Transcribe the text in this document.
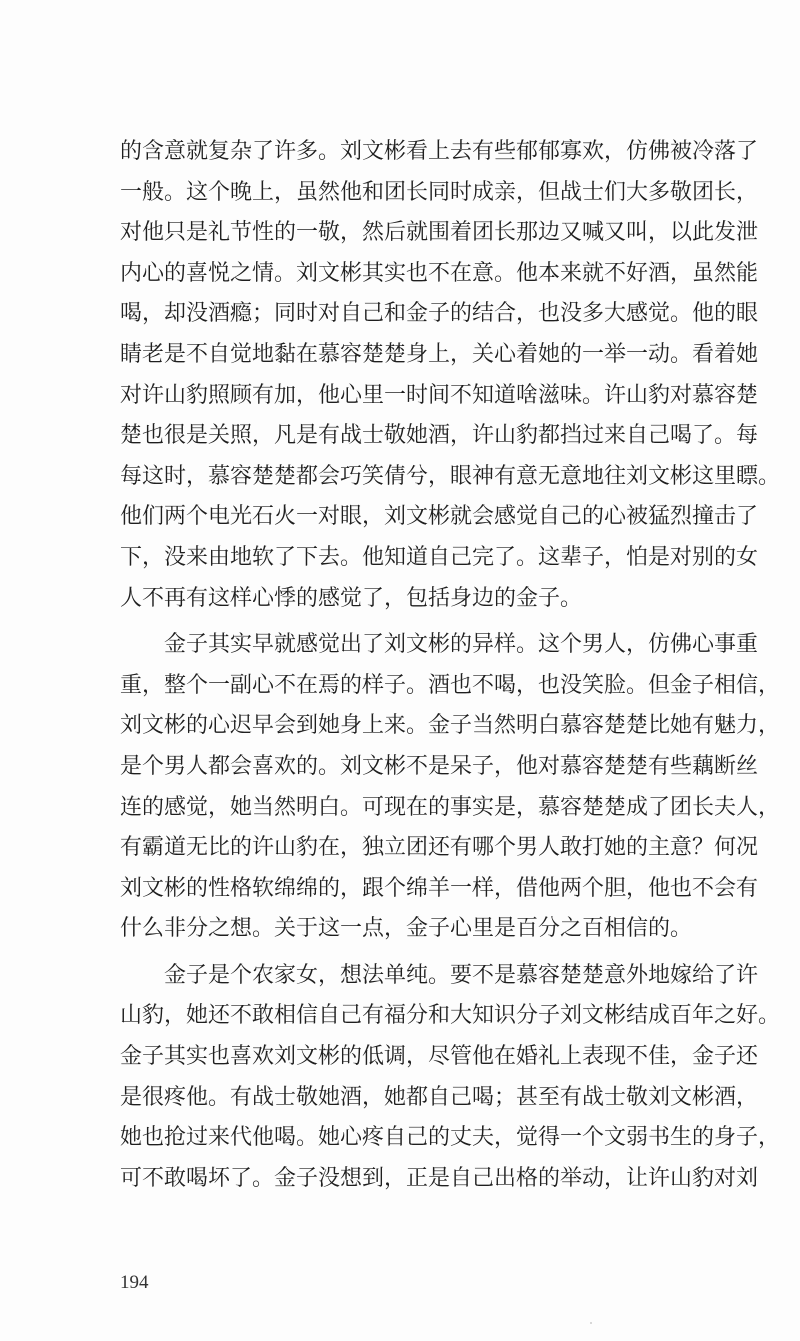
的含意就复杂了许多。刘文彬看上去有些郁郁寡欢，仿佛被冷落了
一般。这个晚上，虽然他和团长同时成亲，但战士们大多敬团长，
对他只是礼节性的一敬，然后就围着团长那边又喊又叫，以此发泄
内心的喜悦之情。刘文彬其实也不在意。他本来就不好酒，虽然能
喝，却没酒瘾；同时对自己和金子的结合，也没多大感觉。他的眼
睛老是不自觉地黏在慕容楚楚身上，关心着她的一举一动。看着她
对许山豹照顾有加，他心里一时间不知道啥滋味。许山豹对慕容楚
楚也很是关照，凡是有战士敬她酒，许山豹都挡过来自己喝了。每
每这时，慕容楚楚都会巧笑倩兮，眼神有意无意地往刘文彬这里瞟。
他们两个电光石火一对眼，刘文彬就会感觉自己的心被猛烈撞击了
下，没来由地软了下去。他知道自己完了。这辈子，怕是对别的女
人不再有这样心悸的感觉了，包括身边的金子。

金子其实早就感觉出了刘文彬的异样。这个男人，仿佛心事重
重，整个一副心不在焉的样子。酒也不喝，也没笑脸。但金子相信，
刘文彬的心迟早会到她身上来。金子当然明白慕容楚楚比她有魅力，
是个男人都会喜欢的。刘文彬不是呆子，他对慕容楚楚有些藕断丝
连的感觉，她当然明白。可现在的事实是，慕容楚楚成了团长夫人，
有霸道无比的许山豹在，独立团还有哪个男人敢打她的主意？何况
刘文彬的性格软绵绵的，跟个绵羊一样，借他两个胆，他也不会有
什么非分之想。关于这一点，金子心里是百分之百相信的。

金子是个农家女，想法单纯。要不是慕容楚楚意外地嫁给了许
山豹，她还不敢相信自己有福分和大知识分子刘文彬结成百年之好。
金子其实也喜欢刘文彬的低调，尽管他在婚礼上表现不佳，金子还
是很疼他。有战士敬她酒，她都自己喝；甚至有战士敬刘文彬酒，
她也抢过来代他喝。她心疼自己的丈夫，觉得一个文弱书生的身子，
可不敢喝坏了。金子没想到，正是自己出格的举动，让许山豹对刘

194
